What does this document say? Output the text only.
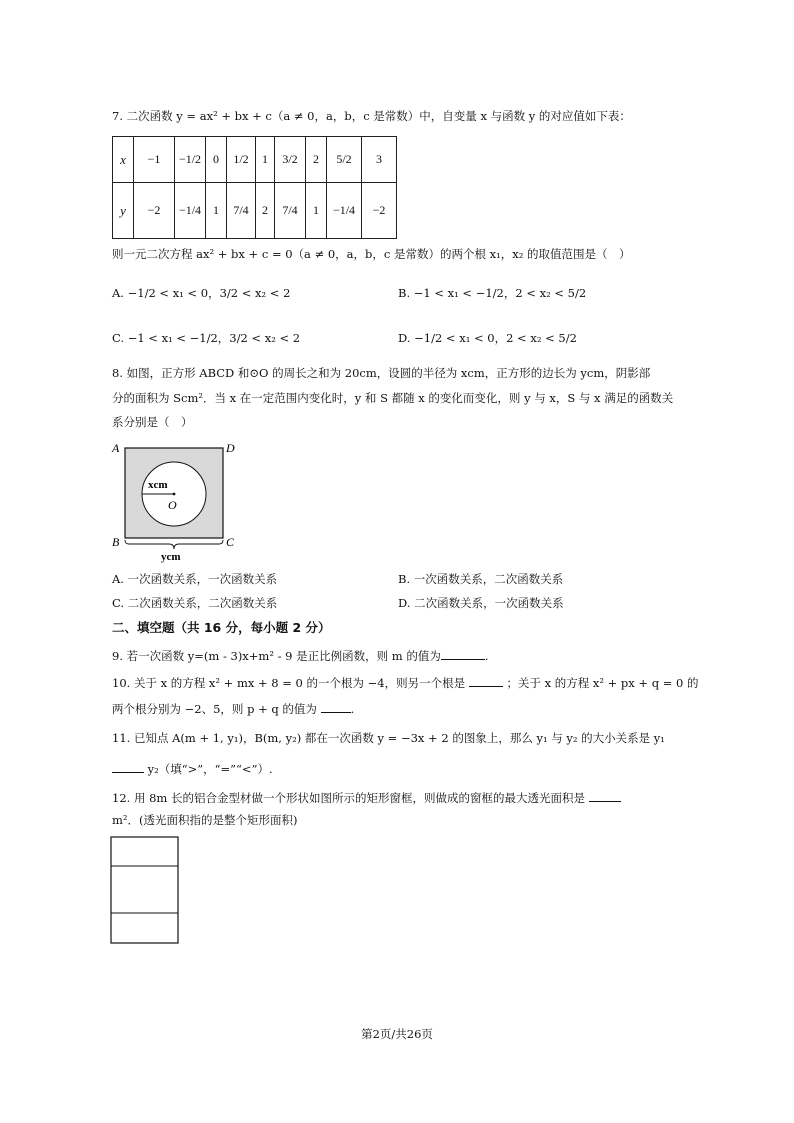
7. 二次函数 y = ax² + bx + c（a ≠ 0，a，b，c 是常数）中，自变量 x 与函数 y 的对应值如下表：
x	−1	−1/2	0	1/2	1	3/2	2	5/2	3
y	−2	−1/4	1	7/4	2	7/4	1	−1/4	−2
则一元二次方程 ax² + bx + c = 0（a ≠ 0，a，b，c 是常数）的两个根 x₁，x₂ 的取值范围是（　）
A. −1/2 < x₁ < 0，3/2 < x₂ < 2	B. −1 < x₁ < −1/2，2 < x₂ < 5/2
C. −1 < x₁ < −1/2，3/2 < x₂ < 2	D. −1/2 < x₁ < 0，2 < x₂ < 5/2
8. 如图，正方形 ABCD 和⊙O 的周长之和为 20cm，设圆的半径为 xcm，正方形的边长为 ycm，阴影部
分的面积为 Scm²．当 x 在一定范围内变化时，y 和 S 都随 x 的变化而变化，则 y 与 x，S 与 x 满足的函数关
系分别是（　）
A	D
B	C
O
xcm
ycm
A. 一次函数关系，一次函数关系	B. 一次函数关系，二次函数关系
C. 二次函数关系，二次函数关系	D. 二次函数关系，一次函数关系
二、填空题（共 16 分，每小题 2 分）
9. 若一次函数 y=(m - 3)x+m² - 9 是正比例函数，则 m 的值为	.
10. 关于 x 的方程 x² + mx + 8 = 0 的一个根为 −4，则另一个根是	；关于 x 的方程 x² + px + q = 0 的
两个根分别为 −2、5，则 p + q 的值为	.
11. 已知点 A(m + 1, y₁)，B(m, y₂) 都在一次函数 y = −3x + 2 的图象上，那么 y₁ 与 y₂ 的大小关系是 y₁
y₂（填“>”，“=”“<”）.
12. 用 8m 长的铝合金型材做一个形状如图所示的矩形窗框，则做成的窗框的最大透光面积是
m²．(透光面积指的是整个矩形面积)
第2页/共26页
